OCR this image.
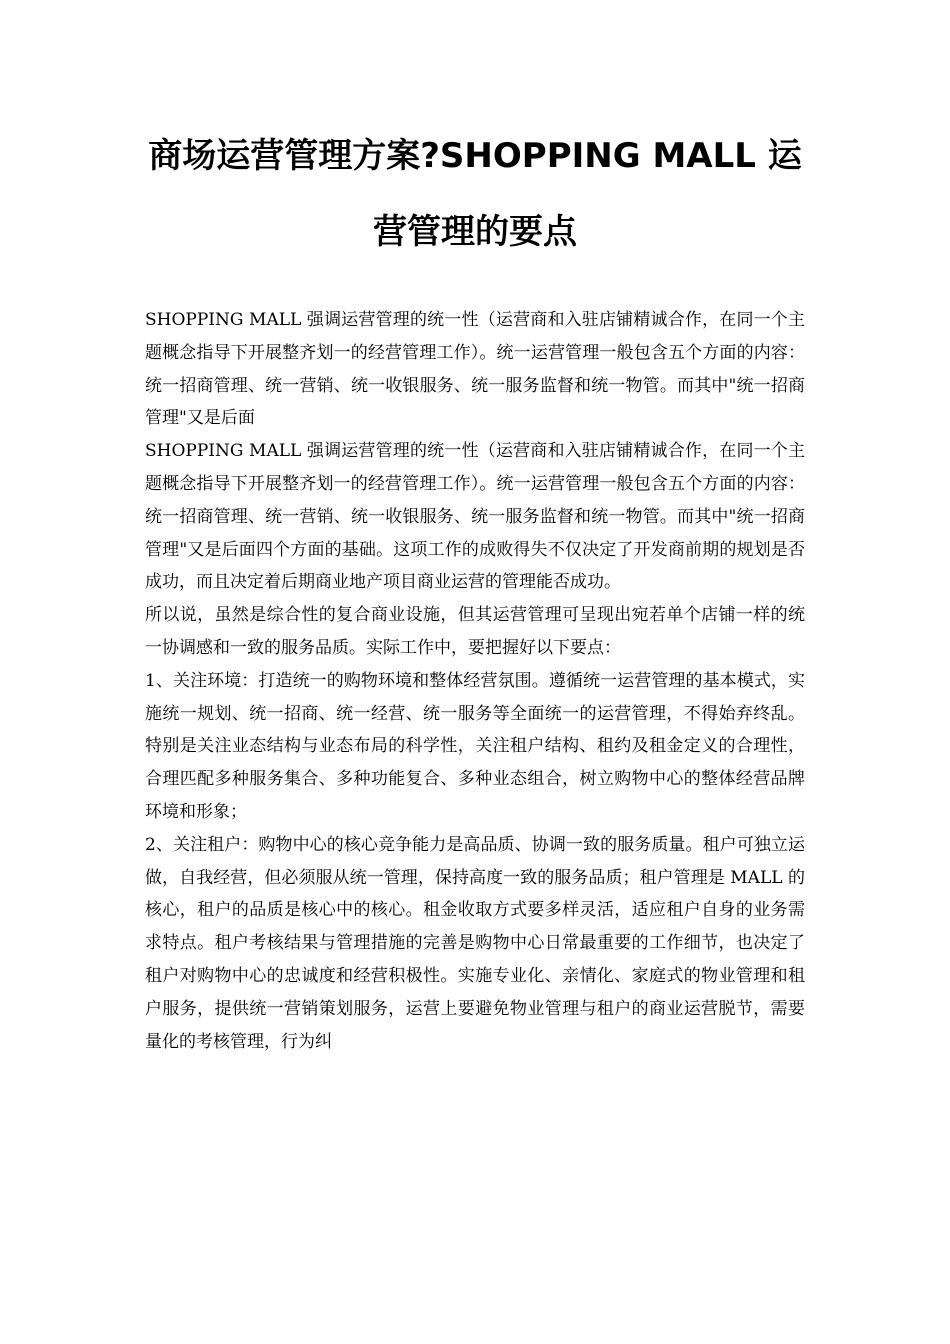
商场运营管理方案?SHOPPING MALL 运营管理的要点

SHOPPING MALL 强调运营管理的统一性（运营商和入驻店铺精诚合作，在同一个主题概念指导下开展整齐划一的经营管理工作）。统一运营管理一般包含五个方面的内容：统一招商管理、统一营销、统一收银服务、统一服务监督和统一物管。而其中"统一招商管理"又是后面

SHOPPING MALL 强调运营管理的统一性（运营商和入驻店铺精诚合作，在同一个主题概念指导下开展整齐划一的经营管理工作）。统一运营管理一般包含五个方面的内容：统一招商管理、统一营销、统一收银服务、统一服务监督和统一物管。而其中"统一招商管理"又是后面四个方面的基础。这项工作的成败得失不仅决定了开发商前期的规划是否成功，而且决定着后期商业地产项目商业运营的管理能否成功。

所以说，虽然是综合性的复合商业设施，但其运营管理可呈现出宛若单个店铺一样的统一协调感和一致的服务品质。实际工作中，要把握好以下要点：

1、关注环境：打造统一的购物环境和整体经营氛围。遵循统一运营管理的基本模式，实施统一规划、统一招商、统一经营、统一服务等全面统一的运营管理，不得始弃终乱。特别是关注业态结构与业态布局的科学性，关注租户结构、租约及租金定义的合理性，合理匹配多种服务集合、多种功能复合、多种业态组合，树立购物中心的整体经营品牌环境和形象；

2、关注租户：购物中心的核心竞争能力是高品质、协调一致的服务质量。租户可独立运做，自我经营，但必须服从统一管理，保持高度一致的服务品质；租户管理是 MALL 的核心，租户的品质是核心中的核心。租金收取方式要多样灵活，适应租户自身的业务需求特点。租户考核结果与管理措施的完善是购物中心日常最重要的工作细节，也决定了租户对购物中心的忠诚度和经营积极性。实施专业化、亲情化、家庭式的物业管理和租户服务，提供统一营销策划服务，运营上要避免物业管理与租户的商业运营脱节，需要量化的考核管理，行为纠
